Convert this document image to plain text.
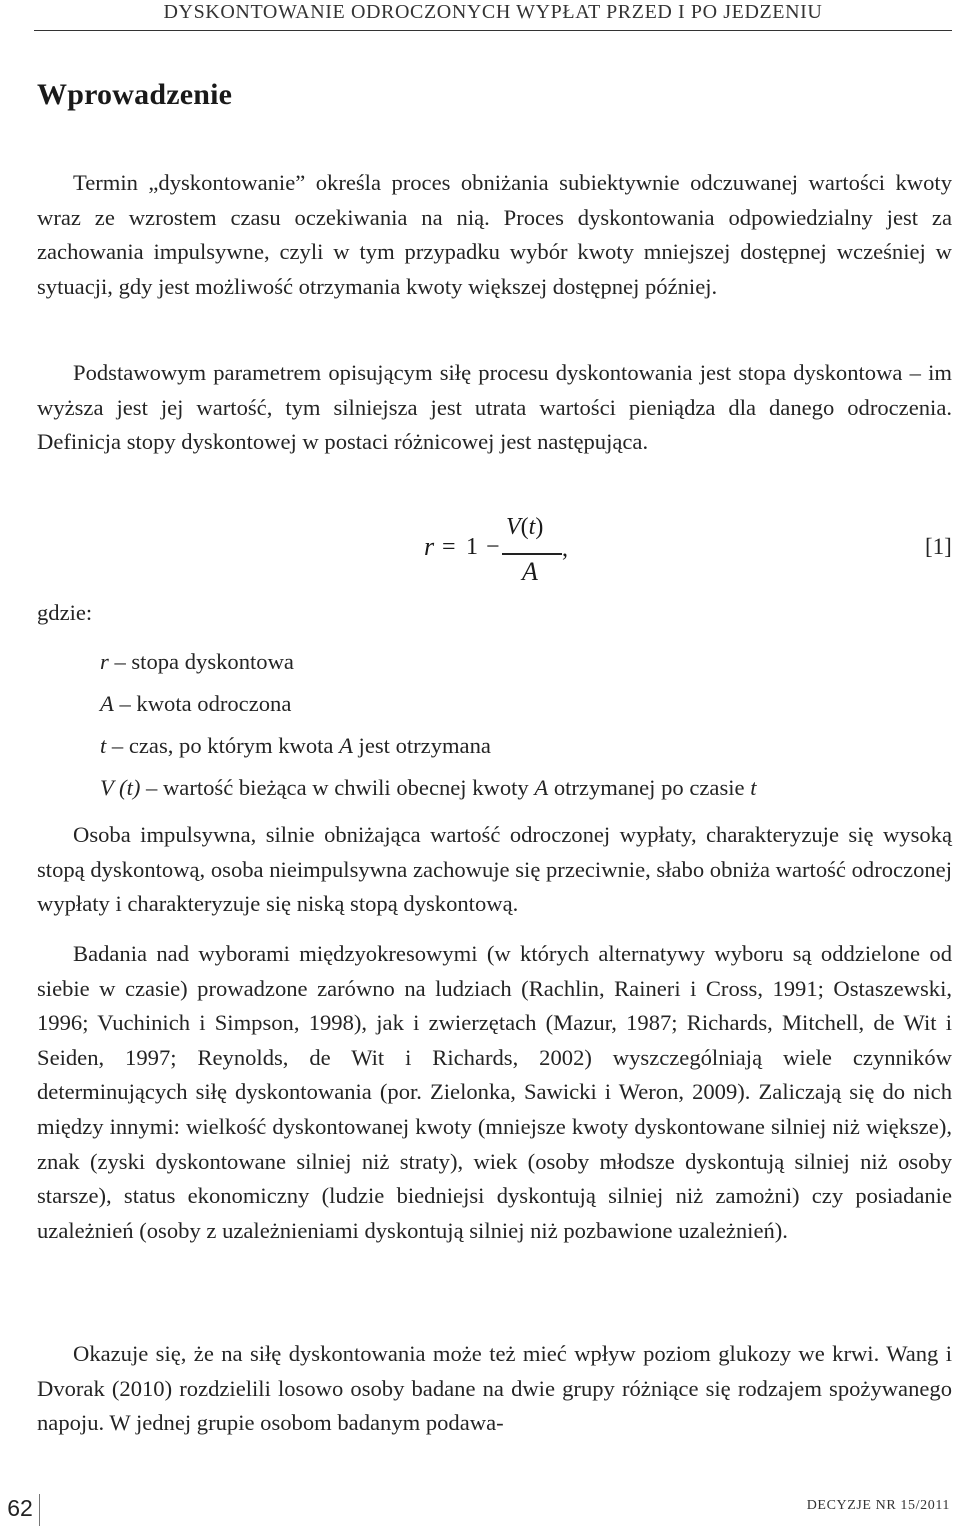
DYSKONTOWANIE ODROCZONYCH WYPŁAT PRZED I PO JEDZENIU
Wprowadzenie

Termin „dyskontowanie” określa proces obniżania subiektywnie odczuwanej wartości kwoty wraz ze wzrostem czasu oczekiwania na nią. Proces dyskontowania odpowiedzialny jest za zachowania impulsywne, czyli w tym przypadku wybór kwoty mniejszej dostępnej wcześniej w sytuacji, gdy jest możliwość otrzymania kwoty większej dostępnej później.

Podstawowym parametrem opisującym siłę procesu dyskontowania jest stopa dyskontowa – im wyższa jest jej wartość, tym silniejsza jest utrata wartości pieniądza dla danego odroczenia. Definicja stopy dyskontowej w postaci różnicowej jest następująca.

r = 1 −
V(t)
A
,	[1]
gdzie:
r – stopa dyskontowa
A – kwota odroczona
t – czas, po którym kwota A jest otrzymana
V (t) – wartość bieżąca w chwili obecnej kwoty A otrzymanej po czasie t

Osoba impulsywna, silnie obniżająca wartość odroczonej wypłaty, charakteryzuje się wysoką stopą dyskontową, osoba nieimpulsywna zachowuje się przeciwnie, słabo obniża wartość odroczonej wypłaty i charakteryzuje się niską stopą dyskontową.

Badania nad wyborami międzyokresowymi (w których alternatywy wyboru są oddzielone od siebie w czasie) prowadzone zarówno na ludziach (Rachlin, Raineri i Cross, 1991; Ostaszewski, 1996; Vuchinich i Simpson, 1998), jak i zwierzętach (Mazur, 1987; Richards, Mitchell, de Wit i Seiden, 1997; Reynolds, de Wit i Richards, 2002) wyszczególniają wiele czynników determinujących siłę dyskontowania (por. Zielonka, Sawicki i Weron, 2009). Zaliczają się do nich między innymi: wielkość dyskontowanej kwoty (mniejsze kwoty dyskontowane silniej niż większe), znak (zyski dyskontowane silniej niż straty), wiek (osoby młodsze dyskontują silniej niż osoby starsze), status ekonomiczny (ludzie biedniejsi dyskontują silniej niż zamożni) czy posiadanie uzależnień (osoby z uzależnieniami dyskontują silniej niż pozbawione uzależnień).

Okazuje się, że na siłę dyskontowania może też mieć wpływ poziom glukozy we krwi. Wang i Dvorak (2010) rozdzielili losowo osoby badane na dwie grupy różniące się rodzajem spożywanego napoju. W jednej grupie osobom badanym podawa-

62	DECYZJE NR 15/2011
